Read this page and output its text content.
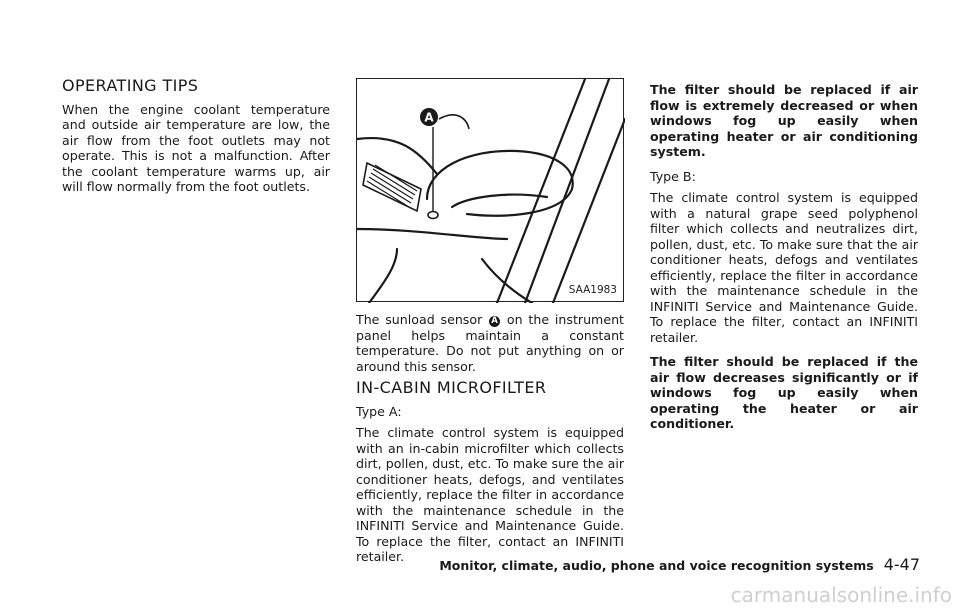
OPERATING TIPS

When the engine coolant temperature and outside air temperature are low, the air flow from the foot outlets may not operate. This is not a malfunction. After the coolant temperature warms up, air will flow normally from the foot outlets.

A
SAA1983

The sunload sensor A on the instrument panel helps maintain a constant temperature. Do not put anything on or around this sensor.

IN-CABIN MICROFILTER

Type A:

The climate control system is equipped with an in-cabin microfilter which collects dirt, pollen, dust, etc. To make sure the air conditioner heats, defogs, and ventilates efficiently, replace the filter in accordance with the maintenance schedule in the INFINITI Service and Maintenance Guide. To replace the filter, contact an INFINITI retailer.

The filter should be replaced if air flow is extremely decreased or when windows fog up easily when operating heater or air conditioning system.

Type B:

The climate control system is equipped with a natural grape seed polyphenol filter which collects and neutralizes dirt, pollen, dust, etc. To make sure that the air conditioner heats, defogs and ventilates efficiently, replace the filter in accordance with the maintenance schedule in the INFINITI Service and Maintenance Guide. To replace the filter, contact an INFINITI retailer.

The filter should be replaced if the air flow decreases significantly or if windows fog up easily when operating the heater or air conditioner.

Monitor, climate, audio, phone and voice recognition systems 4-47
carmanualsonline.info
